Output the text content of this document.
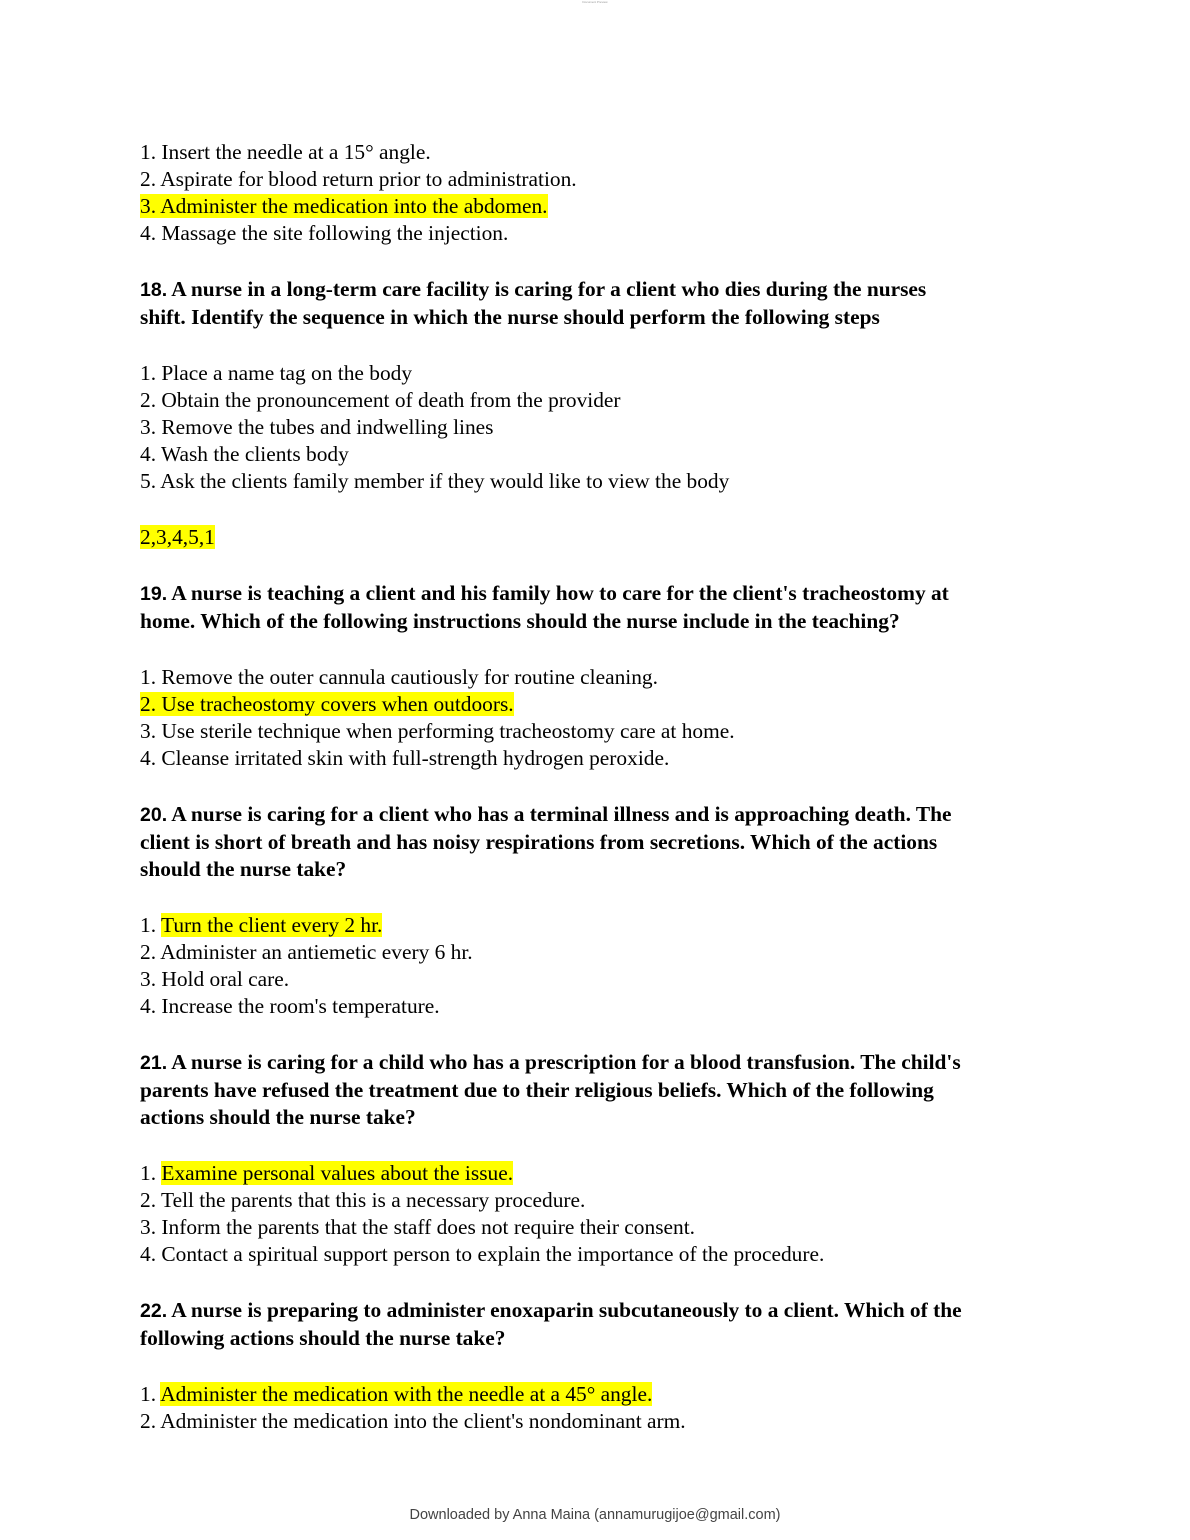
Document Preview
1. Insert the needle at a 15° angle.
2. Aspirate for blood return prior to administration.
3. Administer the medication into the abdomen.
4. Massage the site following the injection.
18. A nurse in a long-term care facility is caring for a client who dies during the nurses
shift. Identify the sequence in which the nurse should perform the following steps
1. Place a name tag on the body
2. Obtain the pronouncement of death from the provider
3. Remove the tubes and indwelling lines
4. Wash the clients body
5. Ask the clients family member if they would like to view the body
2,3,4,5,1
19. A nurse is teaching a client and his family how to care for the client's tracheostomy at
home. Which of the following instructions should the nurse include in the teaching?
1. Remove the outer cannula cautiously for routine cleaning.
2. Use tracheostomy covers when outdoors.
3. Use sterile technique when performing tracheostomy care at home.
4. Cleanse irritated skin with full-strength hydrogen peroxide.
20. A nurse is caring for a client who has a terminal illness and is approaching death. The
client is short of breath and has noisy respirations from secretions. Which of the actions
should the nurse take?
1. Turn the client every 2 hr.
2. Administer an antiemetic every 6 hr.
3. Hold oral care.
4. Increase the room's temperature.
21. A nurse is caring for a child who has a prescription for a blood transfusion. The child's
parents have refused the treatment due to their religious beliefs. Which of the following
actions should the nurse take?
1. Examine personal values about the issue.
2. Tell the parents that this is a necessary procedure.
3. Inform the parents that the staff does not require their consent.
4. Contact a spiritual support person to explain the importance of the procedure.
22. A nurse is preparing to administer enoxaparin subcutaneously to a client. Which of the
following actions should the nurse take?
1. Administer the medication with the needle at a 45° angle.
2. Administer the medication into the client's nondominant arm.
Downloaded by Anna Maina (annamurugijoe@gmail.com)
